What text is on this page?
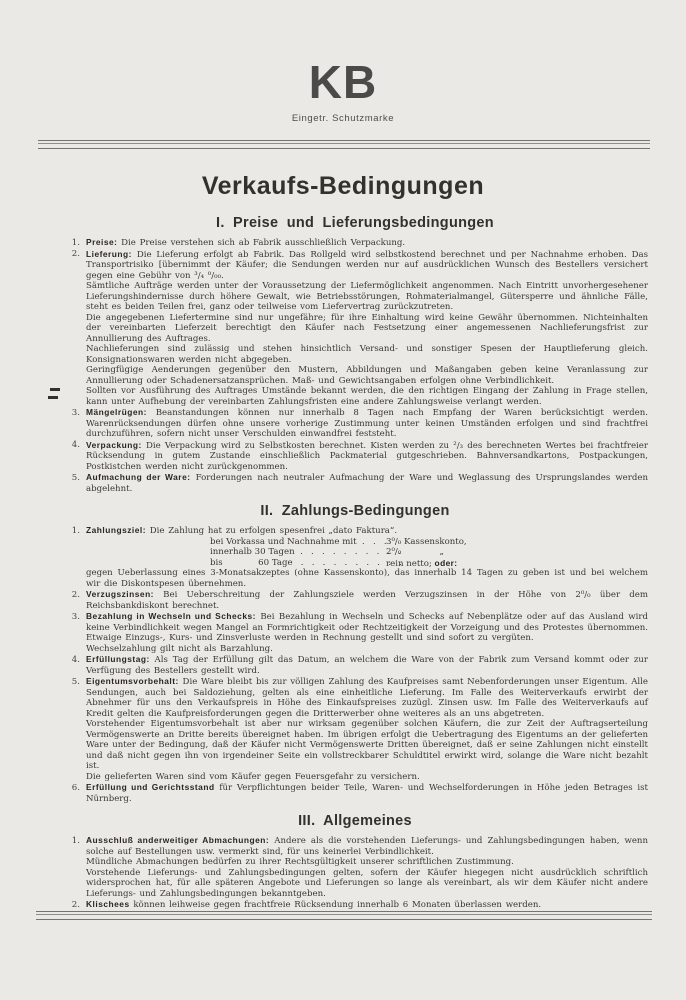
KB
Eingetr. Schutzmarke
Verkaufs-Bedingungen
I. Preise und Lieferungsbedingungen
1. Preise: Die Preise verstehen sich ab Fabrik ausschließlich Verpackung.

2. Lieferung: Die Lieferung erfolgt ab Fabrik. Das Rollgeld wird selbstkostend berechnet und per Nachnahme erhoben. Das Transportrisiko [übernimmt der Käufer; die Sendungen werden nur auf ausdrücklichen Wunsch des Bestellers versichert gegen eine Gebühr von ³/₄ ⁰/₀₀.

Sämtliche Aufträge werden unter der Voraussetzung der Liefermöglichkeit angenommen. Nach Eintritt unvorhergesehener Lieferungshindernisse durch höhere Gewalt, wie Betriebsstörungen, Rohmaterialmangel, Gütersperre und ähnliche Fälle, steht es beiden Teilen frei, ganz oder teilweise vom Liefervertrag zurückzutreten.

Die angegebenen Liefertermine sind nur ungefähre; für ihre Einhaltung wird keine Gewähr übernommen. Nichteinhalten der vereinbarten Lieferzeit berechtigt den Käufer nach Festsetzung einer angemessenen Nachlieferungsfrist zur Annullierung des Auftrages.

Nachlieferungen sind zulässig und stehen hinsichtlich Versand- und sonstiger Spesen der Hauptlieferung gleich. Konsignationswaren werden nicht abgegeben.

Geringfügige Aenderungen gegenüber den Mustern, Abbildungen und Maßangaben geben keine Veranlassung zur Annullierung oder Schadenersatzansprüchen. Maß- und Gewichtsangaben erfolgen ohne Verbindlichkeit.

Sollten vor Ausführung des Auftrages Umstände bekannt werden, die den richtigen Eingang der Zahlung in Frage stellen, kann unter Aufhebung der vereinbarten Zahlungsfristen eine andere Zahlungsweise verlangt werden.

3. Mängelrügen: Beanstandungen können nur innerhalb 8 Tagen nach Empfang der Waren berücksichtigt werden. Warenrücksendungen dürfen ohne unsere vorherige Zustimmung unter keinen Umständen erfolgen und sind frachtfrei durchzuführen, sofern nicht unser Verschulden einwandfrei feststeht.

4. Verpackung: Die Verpackung wird zu Selbstkosten berechnet. Kisten werden zu ²/₃ des berechneten Wertes bei frachtfreier Rücksendung in gutem Zustande einschließlich Packmaterial gutgeschrieben. Bahnversandkartons, Postpackungen, Postkistchen werden nicht zurückgenommen.

5. Aufmachung der Ware: Forderungen nach neutraler Aufmachung der Ware und Weglassung des Ursprungslandes werden abgelehnt.

II. Zahlungs-Bedingungen
1. Zahlungsziel: Die Zahlung hat zu erfolgen spesenfrei „dato Faktura“.

bei Vorkassa und Nachnahme mit  .   .   . 3⁰/₀ Kassenskonto,
innerhalb 30 Tagen  .   .   .   .   .   .   .   .   .   .
2⁰/₀              „
bis             60 Tage   .   .   .   .   .   .   .   .   .   .
rein netto; oder:

gegen Ueberlassung eines 3-Monatsakzeptes (ohne Kassenskonto), das innerhalb 14 Tagen zu geben ist und bei welchem wir die Diskontspesen übernehmen.

2. Verzugszinsen: Bei Ueberschreitung der Zahlungsziele werden Verzugszinsen in der Höhe von 2⁰/₀ über dem Reichsbankdiskont berechnet.

3. Bezahlung in Wechseln und Schecks: Bei Bezahlung in Wechseln und Schecks auf Nebenplätze oder auf das Ausland wird keine Verbindlichkeit wegen Mangel an Formrichtigkeit oder Rechtzeitigkeit der Vorzeigung und des Protestes übernommen. Etwaige Einzugs-, Kurs- und Zinsverluste werden in Rechnung gestellt und sind sofort zu vergüten.

Wechselzahlung gilt nicht als Barzahlung.

4. Erfüllungstag: Als Tag der Erfüllung gilt das Datum, an welchem die Ware von der Fabrik zum Versand kommt oder zur Verfügung des Bestellers gestellt wird.

5. Eigentumsvorbehalt: Die Ware bleibt bis zur völligen Zahlung des Kaufpreises samt Nebenforderungen unser Eigentum. Alle Sendungen, auch bei Saldoziehung, gelten als eine einheitliche Lieferung. Im Falle des Weiterverkaufs erwirbt der Abnehmer für uns den Verkaufspreis in Höhe des Einkaufspreises zuzügl. Zinsen usw. Im Falle des Weiterverkaufs auf Kredit gelten die Kaufpreisforderungen gegen die Dritterwerber ohne weiteres als an uns abgetreten.

Vorstehender Eigentumsvorbehalt ist aber nur wirksam gegenüber solchen Käufern, die zur Zeit der Auftragserteilung Vermögenswerte an Dritte bereits übereignet haben. Im übrigen erfolgt die Uebertragung des Eigentums an der gelieferten Ware unter der Bedingung, daß der Käufer nicht Vermögenswerte Dritten übereignet, daß er seine Zahlungen nicht einstellt und daß nicht gegen ihn von irgendeiner Seite ein vollstreckbarer Schuldtitel erwirkt wird, solange die Ware nicht bezahlt ist.

Die gelieferten Waren sind vom Käufer gegen Feuersgefahr zu versichern.

6. Erfüllung und Gerichtsstand für Verpflichtungen beider Teile, Waren- und Wechselforderungen in Höhe jeden Betrages ist Nürnberg.

III. Allgemeines
1. Ausschluß anderweitiger Abmachungen: Andere als die vorstehenden Lieferungs- und Zahlungsbedingungen haben, wenn solche auf Bestellungen usw. vermerkt sind, für uns keinerlei Verbindlichkeit.

Mündliche Abmachungen bedürfen zu ihrer Rechtsgültigkeit unserer schriftlichen Zustimmung.

Vorstehende Lieferungs- und Zahlungsbedingungen gelten, sofern der Käufer hiegegen nicht ausdrücklich schriftlich widersprochen hat, für alle späteren Angebote und Lieferungen so lange als vereinbart, als wir dem Käufer nicht andere Lieferungs- und Zahlungsbedingungen bekanntgeben.

2. Klischees können leihweise gegen frachtfreie Rücksendung innerhalb 6 Monaten überlassen werden.
